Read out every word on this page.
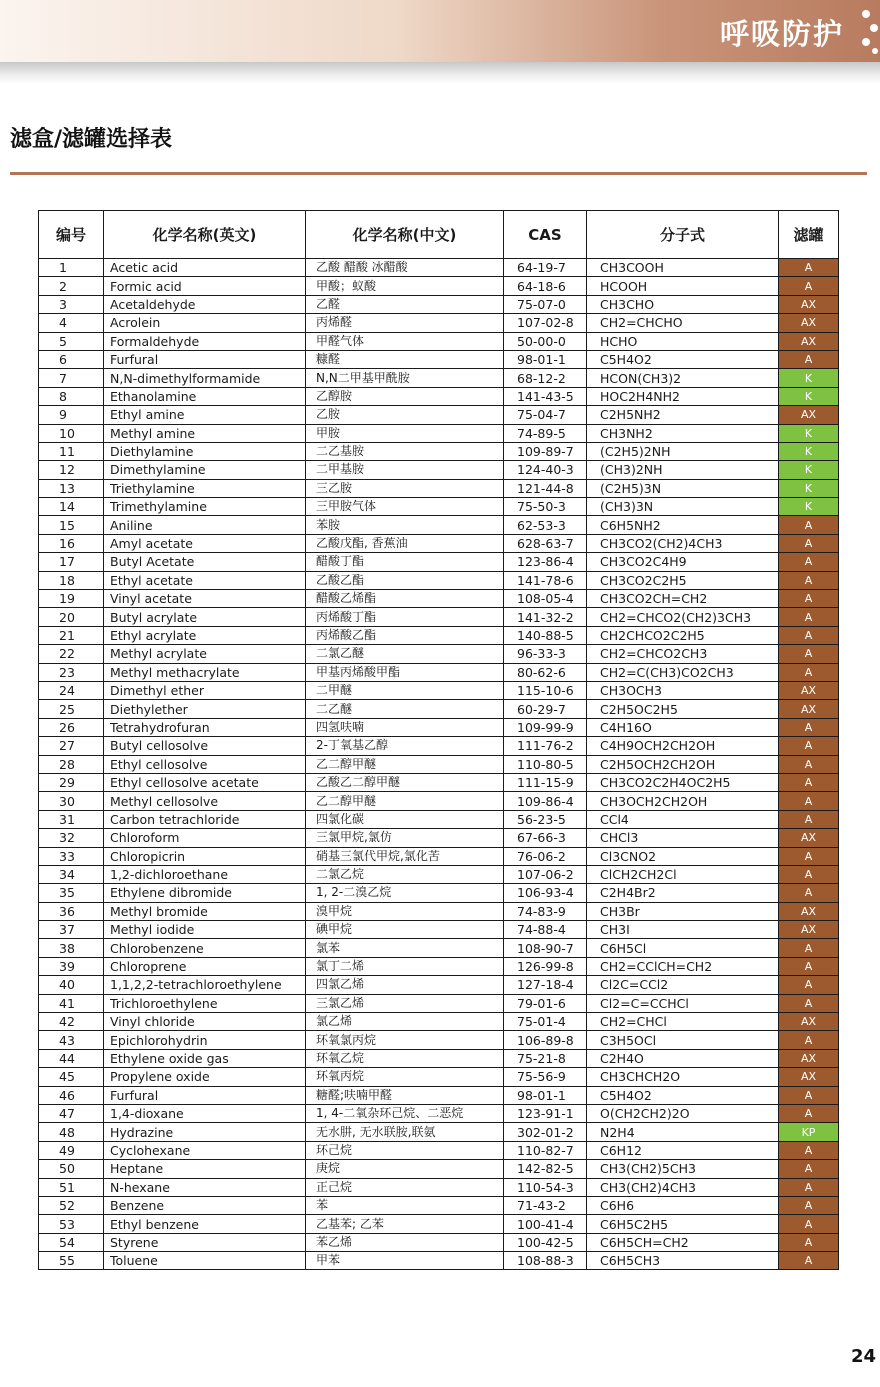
呼吸防护
滤盒/滤罐选择表
编号	化学名称(英文)	化学名称(中文)	CAS	分子式	滤罐
1	Acetic acid	乙酸 醋酸 冰醋酸	64-19-7	CH3COOH	A
2	Formic acid	甲酸；蚁酸	64-18-6	HCOOH	A
3	Acetaldehyde	乙醛	75-07-0	CH3CHO	AX
4	Acrolein	丙烯醛	107-02-8	CH2=CHCHO	AX
5	Formaldehyde	甲醛气体	50-00-0	HCHO	AX
6	Furfural	糠醛	98-01-1	C5H4O2	A
7	N,N-dimethylformamide	N,N二甲基甲酰胺	68-12-2	HCON(CH3)2	K
8	Ethanolamine	乙醇胺	141-43-5	HOC2H4NH2	K
9	Ethyl amine	乙胺	75-04-7	C2H5NH2	AX
10	Methyl amine	甲胺	74-89-5	CH3NH2	K
11	Diethylamine	二乙基胺	109-89-7	(C2H5)2NH	K
12	Dimethylamine	二甲基胺	124-40-3	(CH3)2NH	K
13	Triethylamine	三乙胺	121-44-8	(C2H5)3N	K
14	Trimethylamine	三甲胺气体	75-50-3	(CH3)3N	K
15	Aniline	苯胺	62-53-3	C6H5NH2	A
16	Amyl acetate	乙酸戊酯, 香蕉油	628-63-7	CH3CO2(CH2)4CH3	A
17	Butyl Acetate	醋酸丁酯	123-86-4	CH3CO2C4H9	A
18	Ethyl acetate	乙酸乙酯	141-78-6	CH3CO2C2H5	A
19	Vinyl acetate	醋酸乙烯酯	108-05-4	CH3CO2CH=CH2	A
20	Butyl acrylate	丙烯酸丁酯	141-32-2	CH2=CHCO2(CH2)3CH3	A
21	Ethyl acrylate	丙烯酸乙酯	140-88-5	CH2CHCO2C2H5	A
22	Methyl acrylate	二氯乙醚	96-33-3	CH2=CHCO2CH3	A
23	Methyl methacrylate	甲基丙烯酸甲酯	80-62-6	CH2=C(CH3)CO2CH3	A
24	Dimethyl ether	二甲醚	115-10-6	CH3OCH3	AX
25	Diethylether	二乙醚	60-29-7	C2H5OC2H5	AX
26	Tetrahydrofuran	四氢呋喃	109-99-9	C4H16O	A
27	Butyl cellosolve	2-丁氧基乙醇	111-76-2	C4H9OCH2CH2OH	A
28	Ethyl cellosolve	乙二醇甲醚	110-80-5	C2H5OCH2CH2OH	A
29	Ethyl cellosolve acetate	乙酸乙二醇甲醚	111-15-9	CH3CO2C2H4OC2H5	A
30	Methyl cellosolve	乙二醇甲醚	109-86-4	CH3OCH2CH2OH	A
31	Carbon tetrachloride	四氯化碳	56-23-5	CCl4	A
32	Chloroform	三氯甲烷,氯仿	67-66-3	CHCl3	AX
33	Chloropicrin	硝基三氯代甲烷,氯化苦	76-06-2	Cl3CNO2	A
34	1,2-dichloroethane	二氯乙烷	107-06-2	ClCH2CH2Cl	A
35	Ethylene dibromide	1, 2-二溴乙烷	106-93-4	C2H4Br2	A
36	Methyl bromide	溴甲烷	74-83-9	CH3Br	AX
37	Methyl iodide	碘甲烷	74-88-4	CH3I	AX
38	Chlorobenzene	氯苯	108-90-7	C6H5Cl	A
39	Chloroprene	氯丁二烯	126-99-8	CH2=CClCH=CH2	A
40	1,1,2,2-tetrachloroethylene	四氯乙烯	127-18-4	Cl2C=CCl2	A
41	Trichloroethylene	三氯乙烯	79-01-6	Cl2=C=CCHCl	A
42	Vinyl chloride	氯乙烯	75-01-4	CH2=CHCl	AX
43	Epichlorohydrin	环氧氯丙烷	106-89-8	C3H5OCl	A
44	Ethylene oxide gas	环氧乙烷	75-21-8	C2H4O	AX
45	Propylene oxide	环氧丙烷	75-56-9	CH3CHCH2O	AX
46	Furfural	糖醛;呋喃甲醛	98-01-1	C5H4O2	A
47	1,4-dioxane	1, 4-二氧杂环己烷、二恶烷	123-91-1	O(CH2CH2)2O	A
48	Hydrazine	无水肼, 无水联胺,联氨	302-01-2	N2H4	KP
49	Cyclohexane	环己烷	110-82-7	C6H12	A
50	Heptane	庚烷	142-82-5	CH3(CH2)5CH3	A
51	N-hexane	正己烷	110-54-3	CH3(CH2)4CH3	A
52	Benzene	苯	71-43-2	C6H6	A
53	Ethyl benzene	乙基苯; 乙苯	100-41-4	C6H5C2H5	A
54	Styrene	苯乙烯	100-42-5	C6H5CH=CH2	A
55	Toluene	甲苯	108-88-3	C6H5CH3	A
24
